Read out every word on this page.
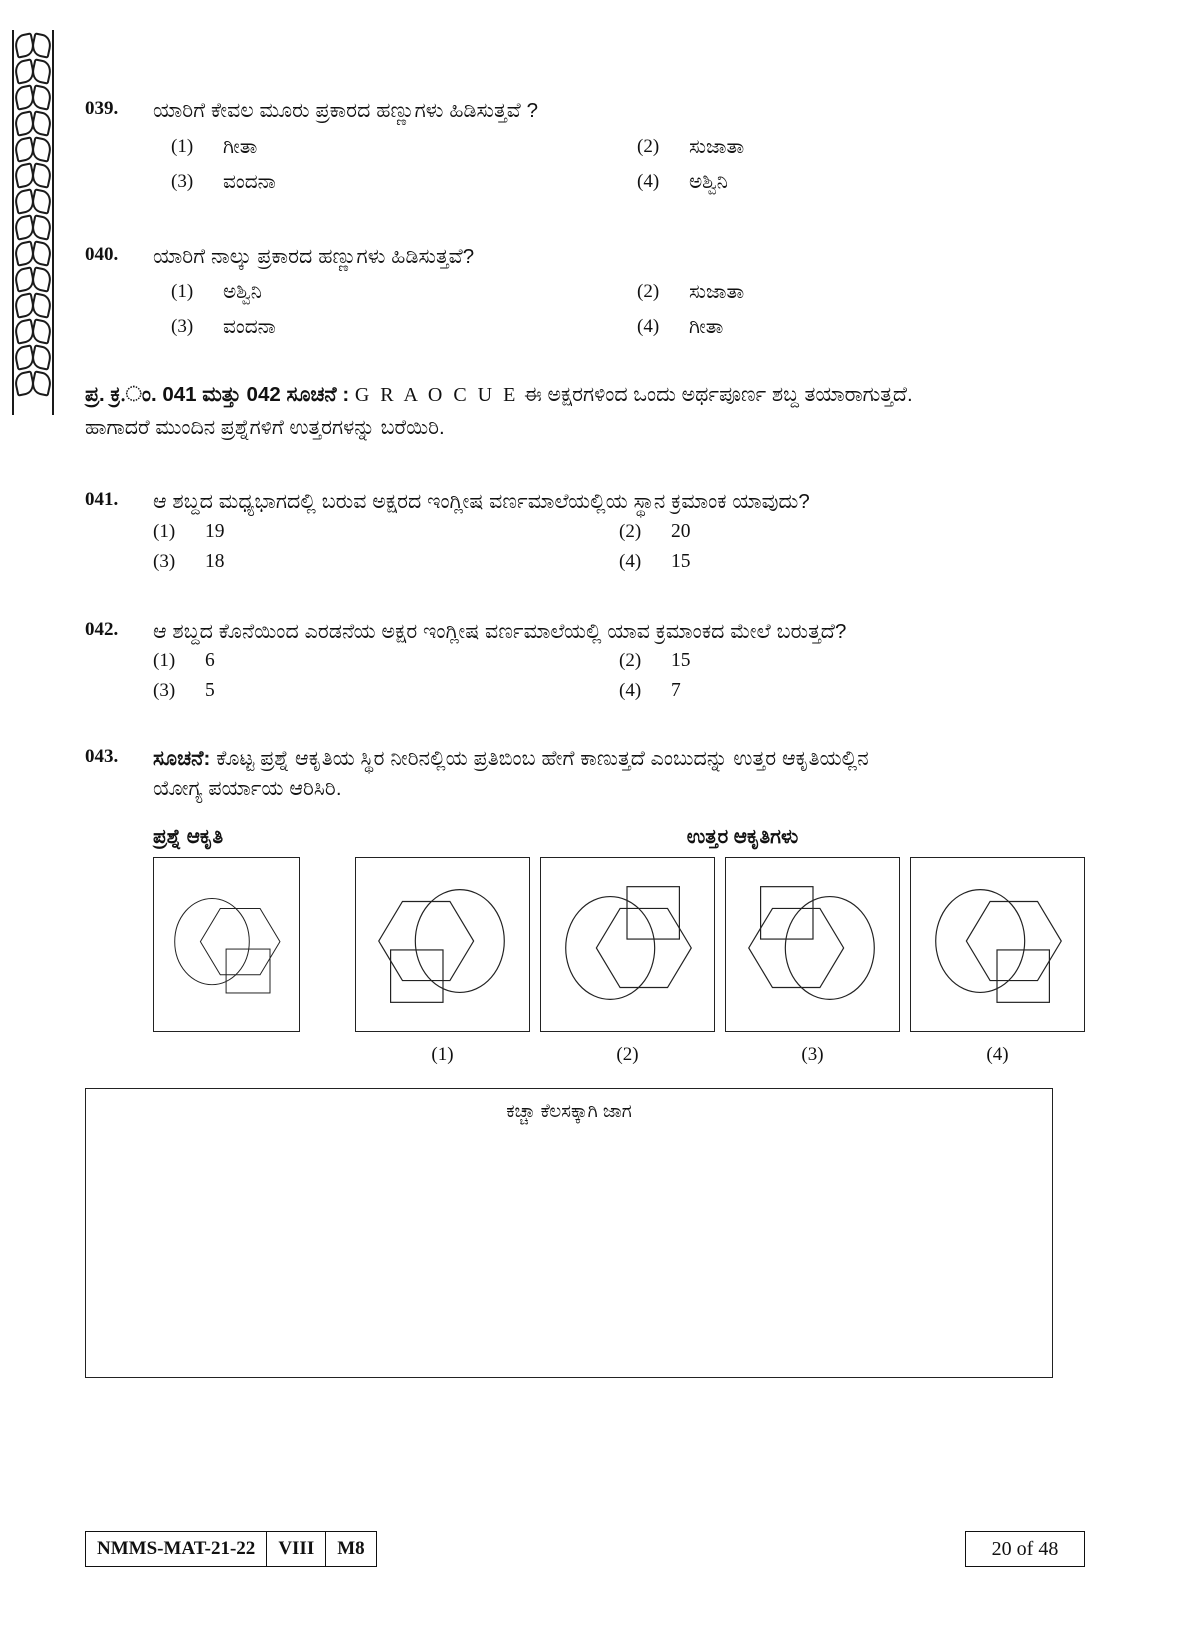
039.	ಯಾರಿಗೆ ಕೇವಲ ಮೂರು ಪ್ರಕಾರದ ಹಣ್ಣುಗಳು ಹಿಡಿಸುತ್ತವೆ ?
(1)	ಗೀತಾ	(2)	ಸುಜಾತಾ
(3)	ವಂದನಾ	(4)	ಅಶ್ವಿನಿ
040.	ಯಾರಿಗೆ ನಾಲ್ಕು ಪ್ರಕಾರದ ಹಣ್ಣುಗಳು ಹಿಡಿಸುತ್ತವೆ?
(1)	ಅಶ್ವಿನಿ	(2)	ಸುಜಾತಾ
(3)	ವಂದನಾ	(4)	ಗೀತಾ
ಪ್ರ. ಕ್ರ.ಂ. 041 ಮತ್ತು 042 ಸೂಚನೆ : G R A O C U E ಈ ಅಕ್ಷರಗಳಿಂದ ಒಂದು ಅರ್ಥಪೂರ್ಣ ಶಬ್ದ ತಯಾರಾಗುತ್ತದೆ.
ಹಾಗಾದರೆ ಮುಂದಿನ ಪ್ರಶ್ನೆಗಳಿಗೆ ಉತ್ತರಗಳನ್ನು ಬರೆಯಿರಿ.
041.	ಆ ಶಬ್ದದ ಮಧ್ಯಭಾಗದಲ್ಲಿ ಬರುವ ಅಕ್ಷರದ ಇಂಗ್ಲೀಷ ವರ್ಣಮಾಲೆಯಲ್ಲಿಯ ಸ್ಥಾನ ಕ್ರಮಾಂಕ ಯಾವುದು?
(1)	19	(2)	20
(3)	18	(4)	15
042.	ಆ ಶಬ್ದದ ಕೊನೆಯಿಂದ ಎರಡನೆಯ ಅಕ್ಷರ ಇಂಗ್ಲೀಷ ವರ್ಣಮಾಲೆಯಲ್ಲಿ ಯಾವ ಕ್ರಮಾಂಕದ ಮೇಲೆ ಬರುತ್ತದೆ?
(1)	6	(2)	15
(3)	5	(4)	7
043.	ಸೂಚನೆ: ಕೊಟ್ಟ ಪ್ರಶ್ನೆ ಆಕೃತಿಯ ಸ್ಥಿರ ನೀರಿನಲ್ಲಿಯ ಪ್ರತಿಬಿಂಬ ಹೇಗೆ ಕಾಣುತ್ತದೆ ಎಂಬುದನ್ನು ಉತ್ತರ ಆಕೃತಿಯಲ್ಲಿನ
ಯೋಗ್ಯ ಪರ್ಯಾಯ ಆರಿಸಿರಿ.
ಪ್ರಶ್ನೆ ಆಕೃತಿ	ಉತ್ತರ ಆಕೃತಿಗಳು
(1)	(2)	(3)	(4)
ಕಚ್ಚಾ ಕೆಲಸಕ್ಕಾಗಿ ಜಾಗ
NMMS-MAT-21-22	VIII	M8	20 of 48
